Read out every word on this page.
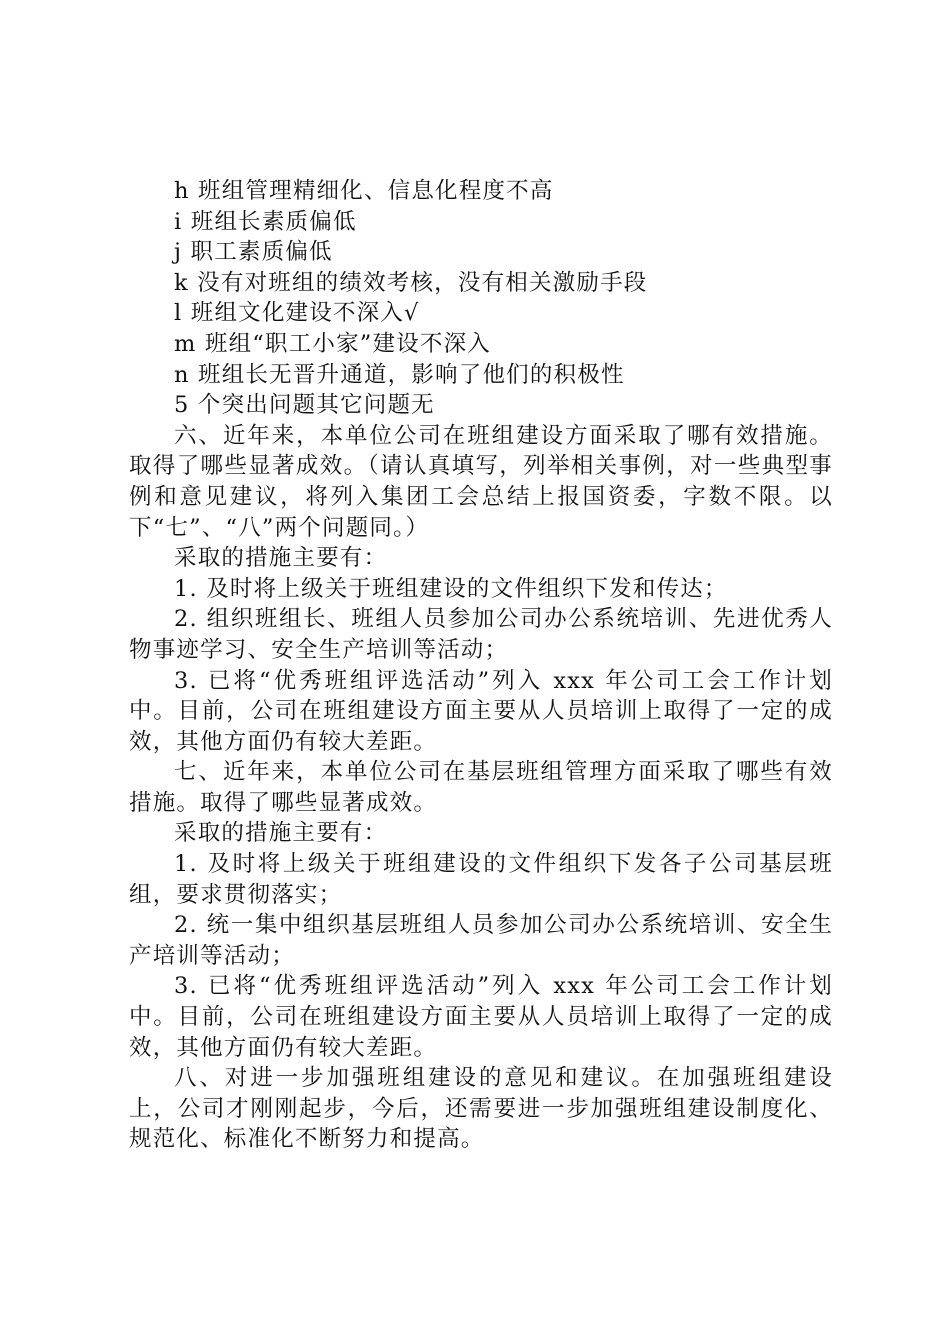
h 班组管理精细化、信息化程度不高

i 班组长素质偏低

j 职工素质偏低

k 没有对班组的绩效考核，没有相关激励手段

l 班组文化建设不深入√

m 班组“职工小家”建设不深入

n 班组长无晋升通道，影响了他们的积极性

5 个突出问题其它问题无

六、近年来，本单位公司在班组建设方面采取了哪有效措施。取得了哪些显著成效。（请认真填写，列举相关事例，对一些典型事例和意见建议，将列入集团工会总结上报国资委，字数不限。以下“七”、“八”两个问题同。）

采取的措施主要有：

1. 及时将上级关于班组建设的文件组织下发和传达；

2. 组织班组长、班组人员参加公司办公系统培训、先进优秀人物事迹学习、安全生产培训等活动；

3. 已将“优秀班组评选活动”列入 xxx 年公司工会工作计划中。目前，公司在班组建设方面主要从人员培训上取得了一定的成效，其他方面仍有较大差距。

七、近年来，本单位公司在基层班组管理方面采取了哪些有效措施。取得了哪些显著成效。

采取的措施主要有：

1. 及时将上级关于班组建设的文件组织下发各子公司基层班组，要求贯彻落实；

2. 统一集中组织基层班组人员参加公司办公系统培训、安全生产培训等活动；

3. 已将“优秀班组评选活动”列入 xxx 年公司工会工作计划中。目前，公司在班组建设方面主要从人员培训上取得了一定的成效，其他方面仍有较大差距。

八、对进一步加强班组建设的意见和建议。在加强班组建设上，公司才刚刚起步，今后，还需要进一步加强班组建设制度化、规范化、标准化不断努力和提高。
